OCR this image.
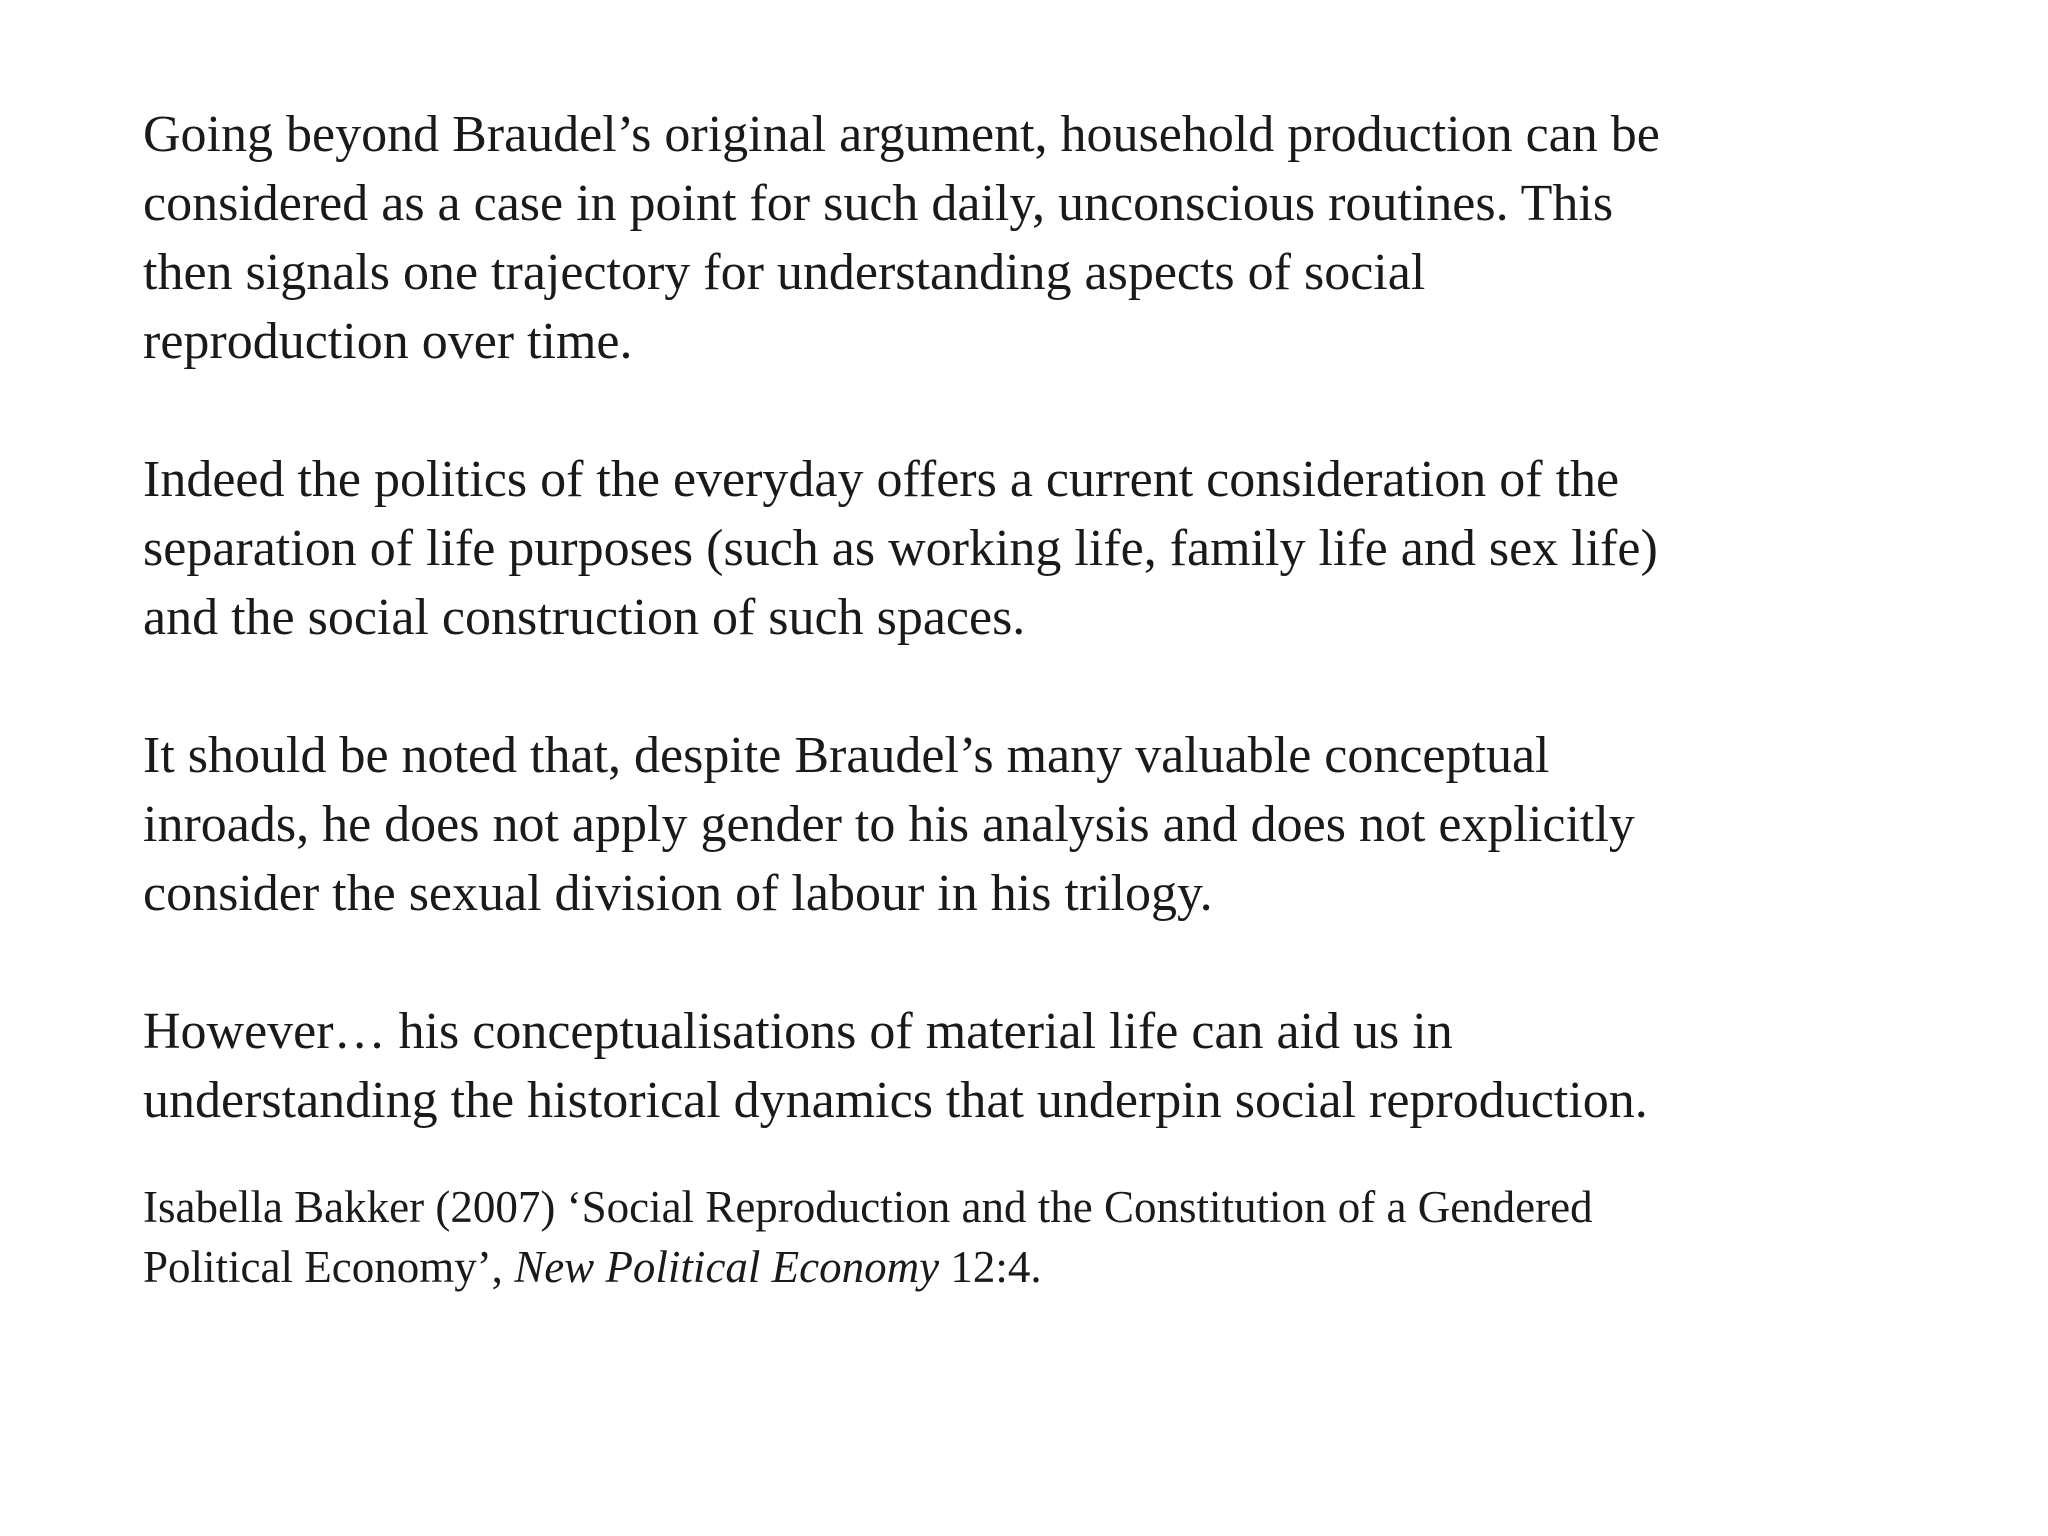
Going beyond Braudel’s original argument, household production can be
considered as a case in point for such daily, unconscious routines. This
then signals one trajectory for understanding aspects of social
reproduction over time.

Indeed the politics of the everyday offers a current consideration of the
separation of life purposes (such as working life, family life and sex life)
and the social construction of such spaces.

It should be noted that, despite Braudel’s many valuable conceptual
inroads, he does not apply gender to his analysis and does not explicitly
consider the sexual division of labour in his trilogy.

However… his conceptualisations of material life can aid us in
understanding the historical dynamics that underpin social reproduction.

Isabella Bakker (2007) ‘Social Reproduction and the Constitution of a Gendered
Political Economy’, New Political Economy 12:4.
